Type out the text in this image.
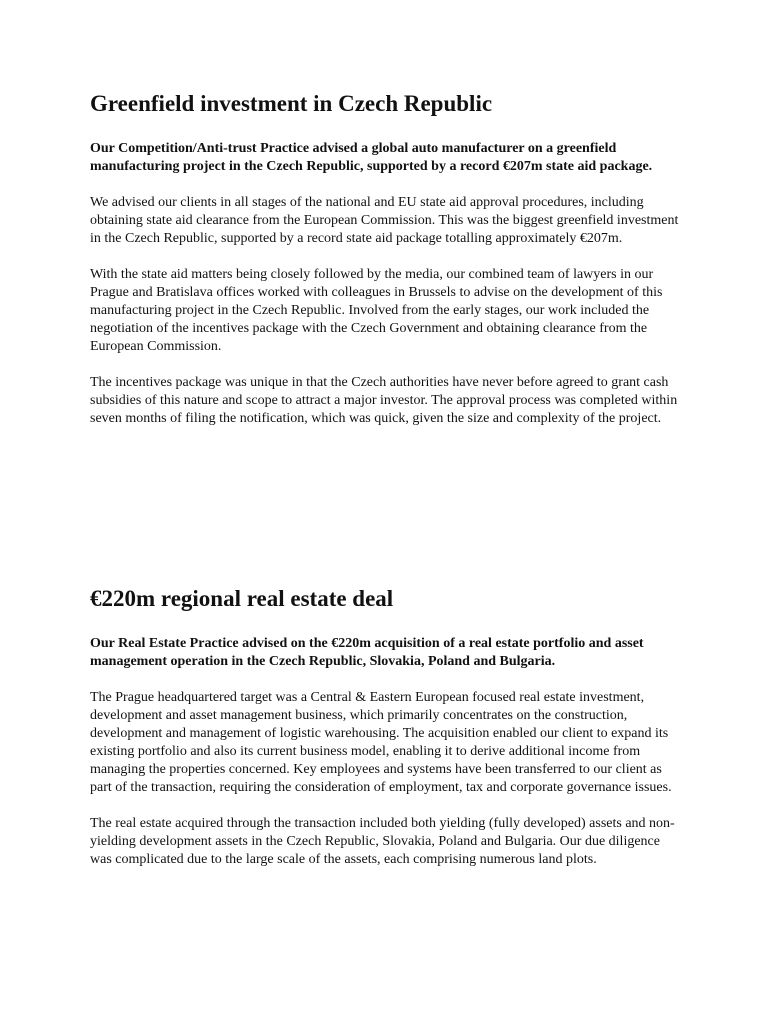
Greenfield investment in Czech Republic

Our Competition/Anti-trust Practice advised a global auto manufacturer on a greenfield manufacturing project in the Czech Republic, supported by a record €207m state aid package.

We advised our clients in all stages of the national and EU state aid approval procedures, including obtaining state aid clearance from the European Commission. This was the biggest greenfield investment in the Czech Republic, supported by a record state aid package totalling approximately €207m.

With the state aid matters being closely followed by the media, our combined team of lawyers in our Prague and Bratislava offices worked with colleagues in Brussels to advise on the development of this manufacturing project in the Czech Republic. Involved from the early stages, our work included the negotiation of the incentives package with the Czech Government and obtaining clearance from the European Commission.

The incentives package was unique in that the Czech authorities have never before agreed to grant cash subsidies of this nature and scope to attract a major investor. The approval process was completed within seven months of filing the notification, which was quick, given the size and complexity of the project.

€220m regional real estate deal

Our Real Estate Practice advised on the €220m acquisition of a real estate portfolio and asset management operation in the Czech Republic, Slovakia, Poland and Bulgaria.

The Prague headquartered target was a Central & Eastern European focused real estate investment, development and asset management business, which primarily concentrates on the construction, development and management of logistic warehousing. The acquisition enabled our client to expand its existing portfolio and also its current business model, enabling it to derive additional income from managing the properties concerned. Key employees and systems have been transferred to our client as part of the transaction, requiring the consideration of employment, tax and corporate governance issues.

The real estate acquired through the transaction included both yielding (fully developed) assets and non-yielding development assets in the Czech Republic, Slovakia, Poland and Bulgaria. Our due diligence was complicated due to the large scale of the assets, each comprising numerous land plots.
